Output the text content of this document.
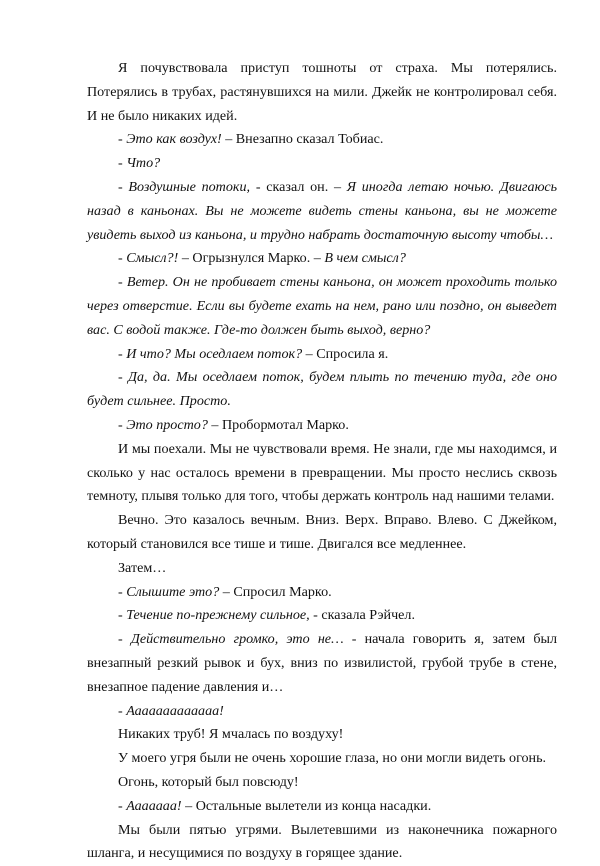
Я почувствовала приступ тошноты от страха. Мы потерялись. Потерялись в трубах, растянувшихся на мили. Джейк не контролировал себя. И не было никаких идей.

- Это как воздух! – Внезапно сказал Тобиас.

- Что?

- Воздушные потоки, - сказал он. – Я иногда летаю ночью. Двигаюсь назад в каньонах. Вы не можете видеть стены каньона, вы не можете увидеть выход из каньона, и трудно набрать достаточную высоту чтобы…

- Смысл?! – Огрызнулся Марко. – В чем смысл?

- Ветер. Он не пробивает стены каньона, он может проходить только через отверстие. Если вы будете ехать на нем, рано или поздно, он выведет вас. С водой также. Где-то должен быть выход, верно?

- И что? Мы оседлаем поток? – Спросила я.

- Да, да. Мы оседлаем поток, будем плыть по течению туда, где оно будет сильнее. Просто.

- Это просто? – Пробормотал Марко.

И мы поехали. Мы не чувствовали время. Не знали, где мы находимся, и сколько у нас осталось времени в превращении. Мы просто неслись сквозь темноту, плывя только для того, чтобы держать контроль над нашими телами.

Вечно. Это казалось вечным. Вниз. Верх. Вправо. Влево. С Джейком, который становился все тише и тише. Двигался все медленнее.

Затем…

- Слышите это? – Спросил Марко.

- Течение по-прежнему сильное, - сказала Рэйчел.

- Действительно громко, это не… - начала говорить я, затем был внезапный резкий рывок и бух, вниз по извилистой, грубой трубе в стене, внезапное падение давления и…

- Ааааааааааааа!

Никаких труб! Я мчалась по воздуху!

У моего угря были не очень хорошие глаза, но они могли видеть огонь.

Огонь, который был повсюду!

- Ааааааа! – Остальные вылетели из конца насадки.

Мы были пятью угрями. Вылетевшими из наконечника пожарного шланга, и несущимися по воздуху в горящее здание.
